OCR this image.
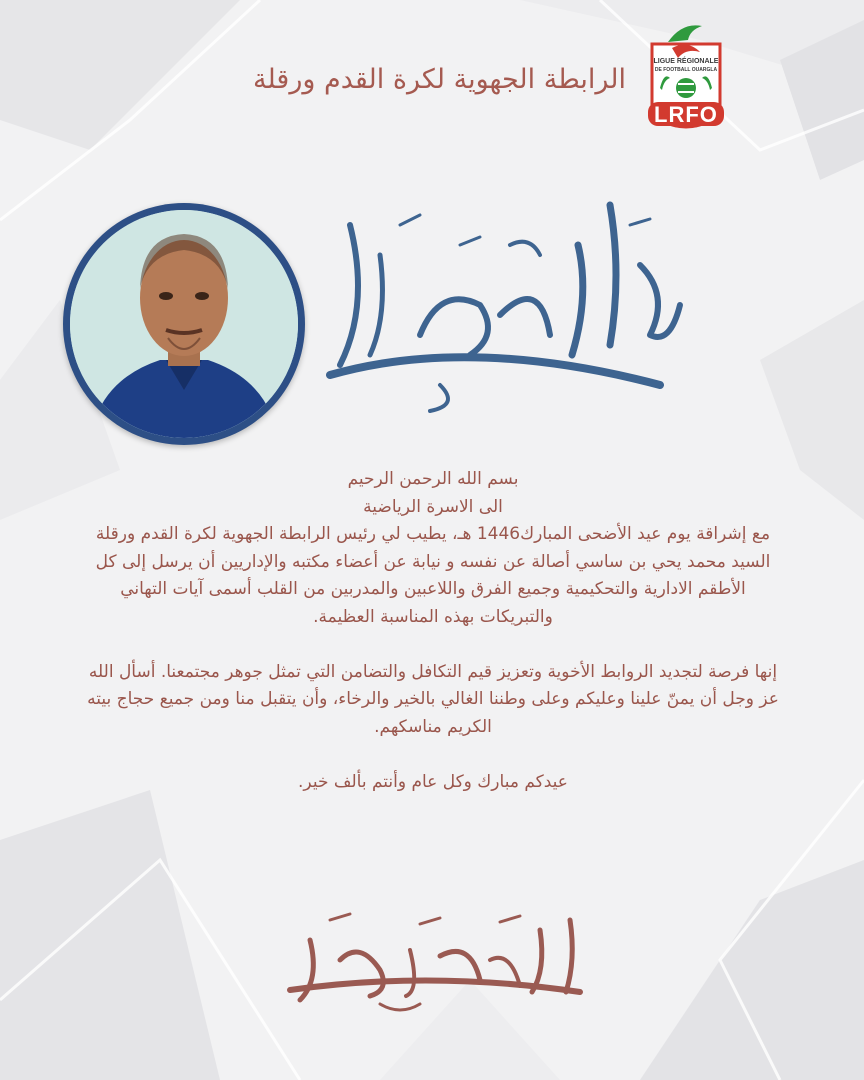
الرابطة الجهوية لكرة القدم ورقلة
LIGUE RÉGIONALE
DE FOOTBALL OUARGLA
LRFO
بسم الله الرحمن الرحيم
الى الاسرة الرياضية
مع إشراقة يوم عيد الأضحى المبارك1446 هـ، يطيب لي رئيس الرابطة الجهوية لكرة القدم ورقلة
السيد محمد يحي بن ساسي أصالة عن نفسه و نيابة عن أعضاء مكتبه والإداريين أن يرسل إلى كل
الأطقم الادارية والتحكيمية وجميع الفرق واللاعبين والمدربين من القلب أسمى آيات التهاني
والتبريكات بهذه المناسبة العظيمة.
إنها فرصة لتجديد الروابط الأخوية وتعزيز قيم التكافل والتضامن التي تمثل جوهر مجتمعنا. أسأل الله
عز وجل أن يمنّ علينا وعليكم وعلى وطننا الغالي بالخير والرخاء، وأن يتقبل منا ومن جميع حجاج بيته
الكريم مناسكهم.
عيدكم مبارك وكل عام وأنتم بألف خير.
